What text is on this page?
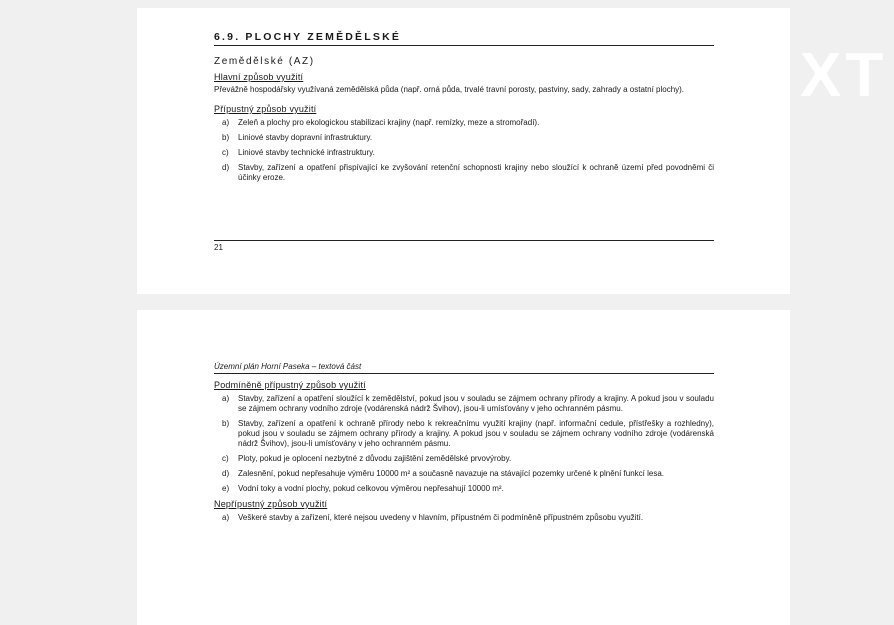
XT
6.9. PLOCHY ZEMĚDĚLSKÉ
Zemědělské (AZ)
Hlavní způsob využití
Převážně hospodářsky využívaná zemědělská půda (např. orná půda, trvalé travní porosty, pastviny, sady, zahrady a ostatní plochy).
Přípustný způsob využití
a) Zeleň a plochy pro ekologickou stabilizaci krajiny (např. remízky, meze a stromořadí).
b) Liniové stavby dopravní infrastruktury.
c) Liniové stavby technické infrastruktury.
d) Stavby, zařízení a opatření přispívající ke zvyšování retenční schopnosti krajiny nebo sloužící k ochraně území před povodněmi či účinky eroze.
21
Územní plán Horní Paseka – textová část
Podmíněně přípustný způsob využití
a) Stavby, zařízení a opatření sloužící k zemědělství, pokud jsou v souladu se zájmem ochrany přírody a krajiny. A pokud jsou v souladu se zájmem ochrany vodního zdroje (vodárenská nádrž Švihov), jsou-li umísťovány v jeho ochranném pásmu.
b) Stavby, zařízení a opatření k ochraně přírody nebo k rekreačnímu využití krajiny (např. informační cedule, přístřešky a rozhledny), pokud jsou v souladu se zájmem ochrany přírody a krajiny. A pokud jsou v souladu se zájmem ochrany vodního zdroje (vodárenská nádrž Švihov), jsou-li umísťovány v jeho ochranném pásmu.
c) Ploty, pokud je oplocení nezbytné z důvodu zajištění zemědělské prvovýroby.
d) Zalesnění, pokud nepřesahuje výměru 10000 m² a současně navazuje na stávající pozemky určené k plnění funkcí lesa.
e) Vodní toky a vodní plochy, pokud celkovou výměrou nepřesahují 10000 m².
Nepřípustný způsob využití
a) Veškeré stavby a zařízení, které nejsou uvedeny v hlavním, přípustném či podmíněně přípustném způsobu využití.
